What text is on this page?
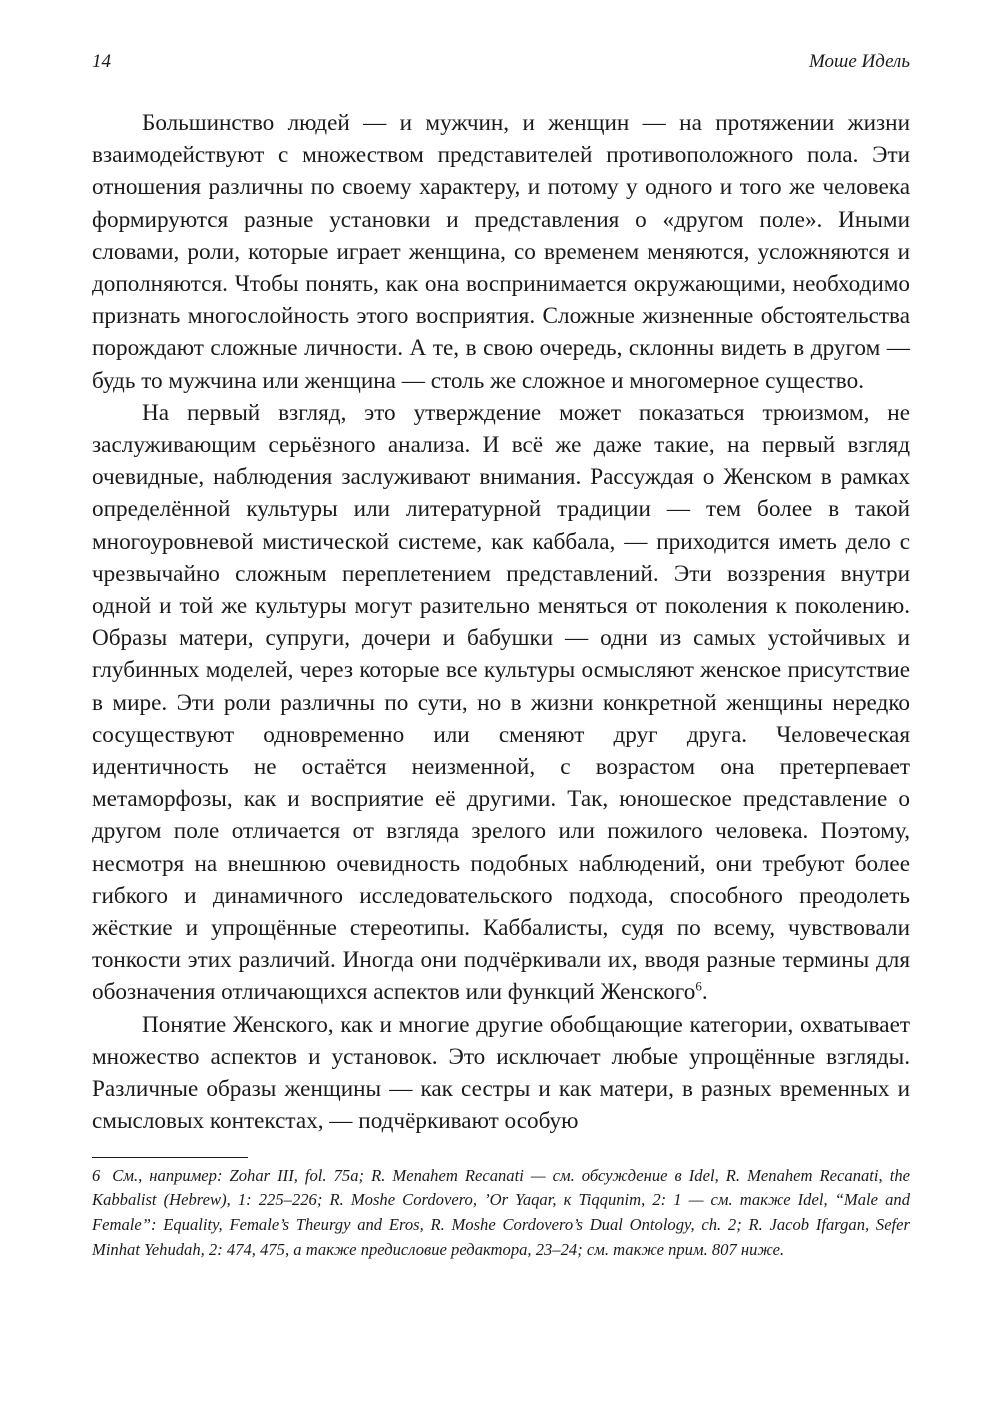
14	Моше Идель

Большинство людей — и мужчин, и женщин — на протяжении жизни взаимодействуют с множеством представителей противоположного пола. Эти отношения различны по своему характеру, и потому у одного и того же человека формируются разные установки и представления о «другом поле». Иными словами, роли, которые играет женщина, со временем меняются, усложняются и дополняются. Чтобы понять, как она воспринимается окружающими, необходимо признать многослойность этого восприятия. Сложные жизненные обстоятельства порождают сложные личности. А те, в свою очередь, склонны видеть в другом — будь то мужчина или женщина — столь же сложное и многомерное существо.

На первый взгляд, это утверждение может показаться трюизмом, не заслуживающим серьёзного анализа. И всё же даже такие, на первый взгляд очевидные, наблюдения заслуживают внимания. Рассуждая о Женском в рамках определённой культуры или литературной традиции — тем более в такой многоуровневой мистической системе, как каббала, — приходится иметь дело с чрезвычайно сложным переплетением представлений. Эти воззрения внутри одной и той же культуры могут разительно меняться от поколения к поколению. Образы матери, супруги, дочери и бабушки — одни из самых устойчивых и глубинных моделей, через которые все культуры осмысляют женское присутствие в мире. Эти роли различны по сути, но в жизни конкретной женщины нередко сосуществуют одновременно или сменяют друг друга. Человеческая идентичность не остаётся неизменной, с возрастом она претерпевает метаморфозы, как и восприятие её другими. Так, юношеское представление о другом поле отличается от взгляда зрелого или пожилого человека. Поэтому, несмотря на внешнюю очевидность подобных наблюдений, они требуют более гибкого и динамичного исследовательского подхода, способного преодолеть жёсткие и упрощённые стереотипы. Каббалисты, судя по всему, чувствовали тонкости этих различий. Иногда они подчёркивали их, вводя разные термины для обозначения отличающихся аспектов или функций Женского$^6$.

Понятие Женского, как и многие другие обобщающие категории, охватывает множество аспектов и установок. Это исключает любые упрощённые взгляды. Различные образы женщины — как сестры и как матери, в разных временных и смысловых контекстах, — подчёркивают особую

6 См., например: Zohar III, fol. 75a; R. Menahem Recanati — см. обсуждение в Idel, R. Menahem Recanati, the Kabbalist (Hebrew), 1: 225–226; R. Moshe Cordovero, ’Or Yaqar, к Tiqqunim, 2: 1 — см. также Idel, “Male and Female”: Equality, Female’s Theurgy and Eros, R. Moshe Cordovero’s Dual Ontology, ch. 2; R. Jacob Ifargan, Sefer Minhat Yehudah, 2: 474, 475, а также предисловие редактора, 23–24; см. также прим. 807 ниже.
